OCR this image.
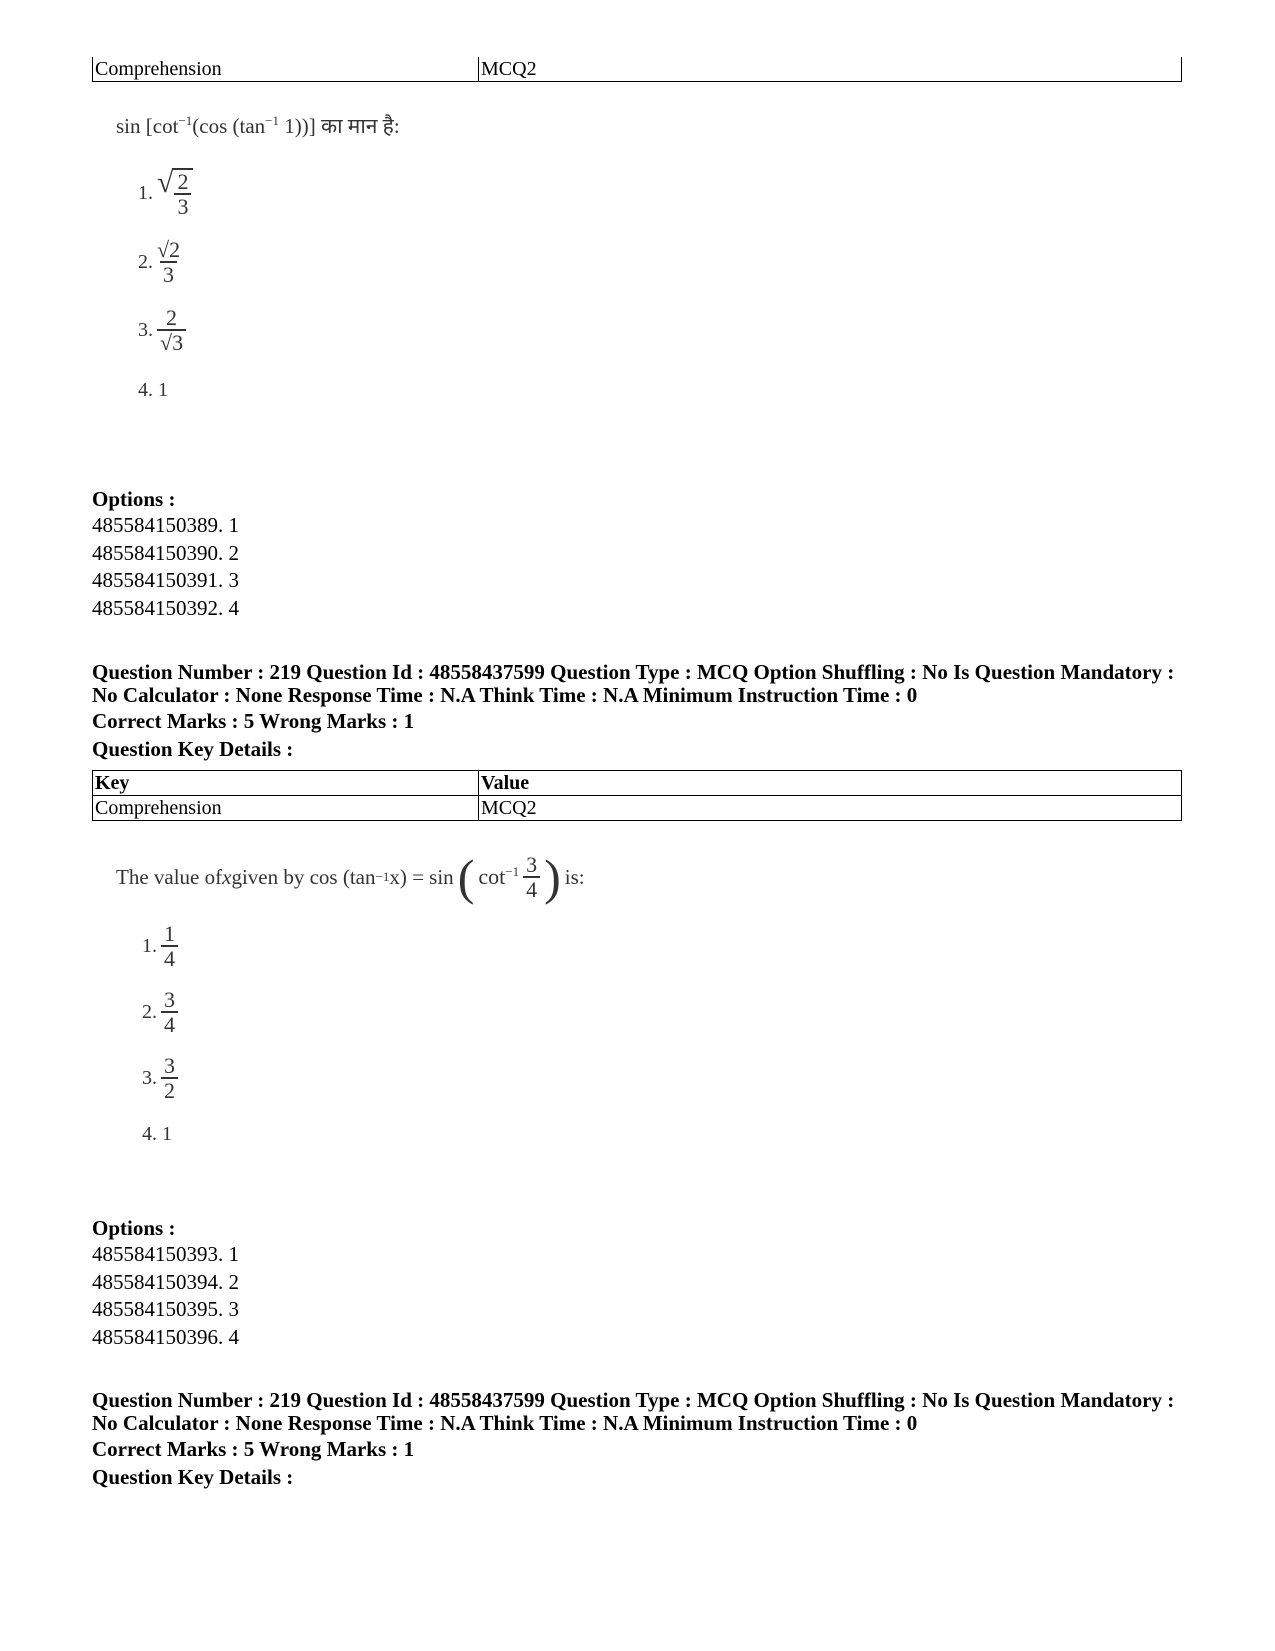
Comprehension	MCQ2
$\sin [\cot^{-1}(\cos$ ($\tan^{-1}$ 1))] का मान है:
1. √ $\frac{2}{3}$
2. $\frac{√2}{3}$
3. $\frac{2}{√3}$
4. 1

Options :

485584150389. 1
485584150390. 2
485584150391. 3
485584150392. 4
Question Number : 219 Question Id : 48558437599 Question Type : MCQ Option Shuffling : No Is Question Mandatory :
No Calculator : None Response Time : N.A Think Time : N.A Minimum Instruction Time : 0
Correct Marks : 5 Wrong Marks : 1
Question Key Details :
Key	Value
Comprehension	MCQ2
The value of x given by cos (tan −1 x) = sin ( $\cot^{-1} \frac{3}{4}$ ) is:
1. $\frac{1}{4}$
2. $\frac{3}{4}$
3. $\frac{3}{2}$
4. 1

Options :

485584150393. 1
485584150394. 2
485584150395. 3
485584150396. 4
Question Number : 219 Question Id : 48558437599 Question Type : MCQ Option Shuffling : No Is Question Mandatory :
No Calculator : None Response Time : N.A Think Time : N.A Minimum Instruction Time : 0
Correct Marks : 5 Wrong Marks : 1
Question Key Details :
